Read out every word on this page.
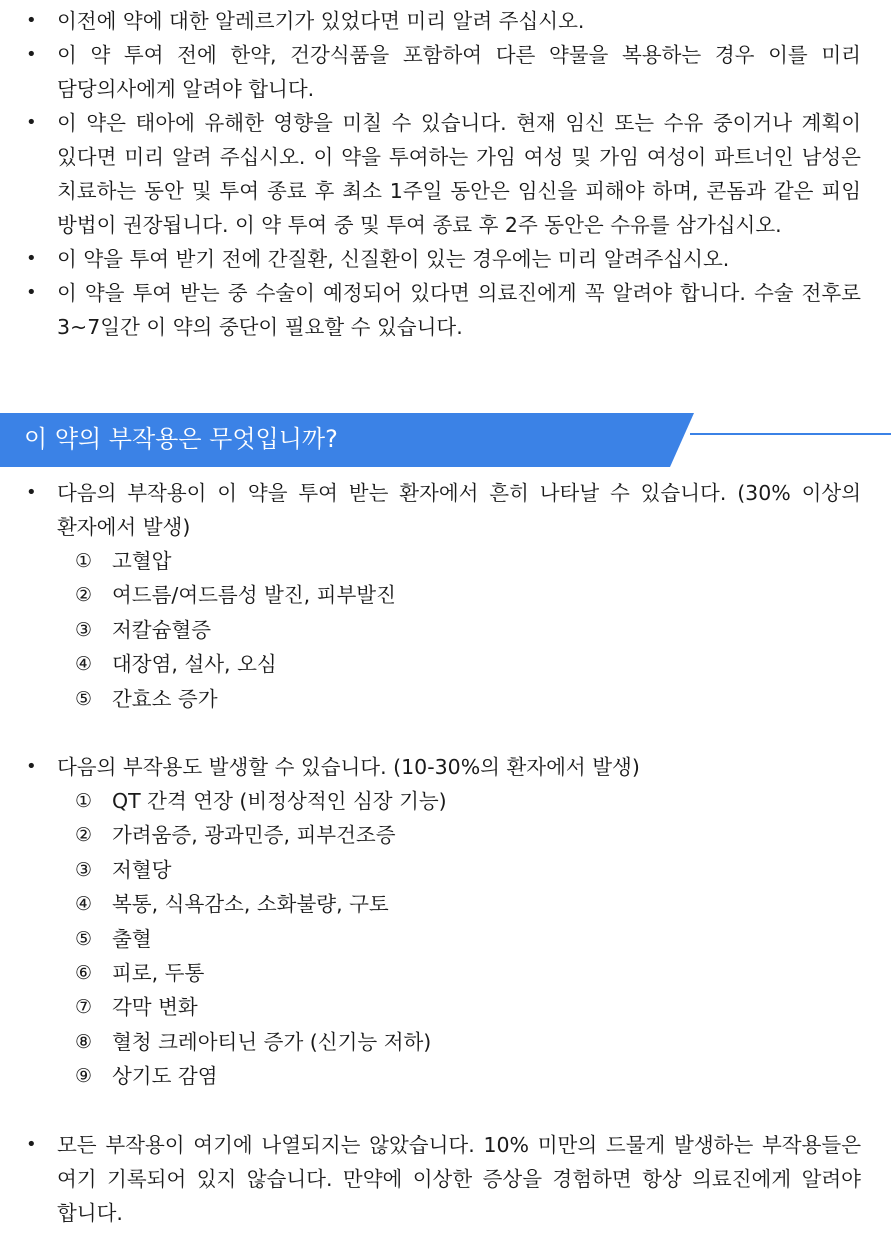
• 이전에 약에 대한 알레르기가 있었다면 미리 알려 주십시오.
• 이 약 투여 전에 한약, 건강식품을 포함하여 다른 약물을 복용하는 경우 이를 미리 담당의사에게 알려야 합니다.
• 이 약은 태아에 유해한 영향을 미칠 수 있습니다. 현재 임신 또는 수유 중이거나 계획이 있다면 미리 알려 주십시오. 이 약을 투여하는 가임 여성 및 가임 여성이 파트너인 남성은 치료하는 동안 및 투여 종료 후 최소 1주일 동안은 임신을 피해야 하며, 콘돔과 같은 피임 방법이 권장됩니다. 이 약 투여 중 및 투여 종료 후 2주 동안은 수유를 삼가십시오.
• 이 약을 투여 받기 전에 간질환, 신질환이 있는 경우에는 미리 알려주십시오.
• 이 약을 투여 받는 중 수술이 예정되어 있다면 의료진에게 꼭 알려야 합니다. 수술 전후로 3~7일간 이 약의 중단이 필요할 수 있습니다.
이 약의 부작용은 무엇입니까?
• 다음의 부작용이 이 약을 투여 받는 환자에서 흔히 나타날 수 있습니다. (30% 이상의 환자에서 발생)
① 고혈압
② 여드름/여드름성 발진, 피부발진
③ 저칼슘혈증
④ 대장염, 설사, 오심
⑤ 간효소 증가
• 다음의 부작용도 발생할 수 있습니다. (10-30%의 환자에서 발생)
① QT 간격 연장 (비정상적인 심장 기능)
② 가려움증, 광과민증, 피부건조증
③ 저혈당
④ 복통, 식욕감소, 소화불량, 구토
⑤ 출혈
⑥ 피로, 두통
⑦ 각막 변화
⑧ 혈청 크레아티닌 증가 (신기능 저하)
⑨ 상기도 감염
• 모든 부작용이 여기에 나열되지는 않았습니다. 10% 미만의 드물게 발생하는 부작용들은 여기 기록되어 있지 않습니다. 만약에 이상한 증상을 경험하면 항상 의료진에게 알려야 합니다.
